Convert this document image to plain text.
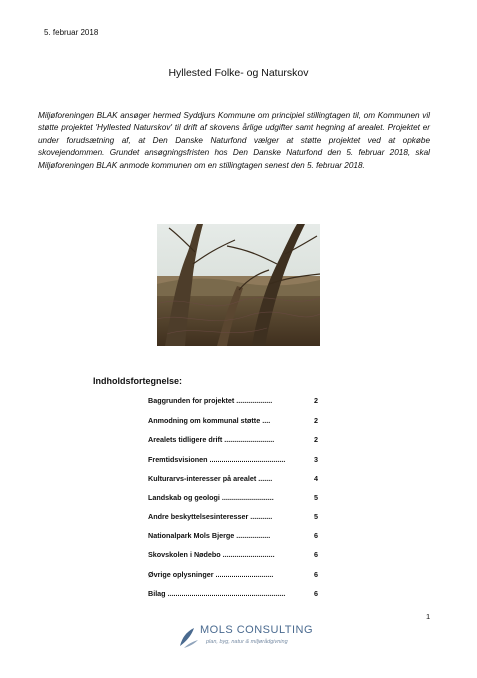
5. februar 2018
Hyllested Folke- og Naturskov
Miljøforeningen BLAK ansøger hermed Syddjurs Kommune om principiel stillingtagen til, om Kommunen vil støtte projektet 'Hyllested Naturskov' til drift af skovens årlige udgifter samt hegning af arealet. Projektet er under forudsætning af, at Den Danske Naturfond vælger at støtte projektet ved at opkøbe skovejendommen. Grundet ansøgningsfristen hos Den Danske Naturfond den 5. februar 2018, skal Miljøforeningen BLAK anmode kommunen om en stillingtagen senest den 5. februar 2018.
Indholdsfortegnelse:
Baggrunden for projektet ..................	2
Anmodning om kommunal støtte ....	2
Arealets tidligere drift .........................	2
Fremtidsvisionen ......................................	3
Kulturarvs-interesser på arealet .......	4
Landskab og geologi ..........................	5
Andre beskyttelsesinteresser ...........	5
Nationalpark Mols Bjerge .................	6
Skovskolen i Nødebo ..........................	6
Øvrige oplysninger .............................	6
Bilag ...........................................................	6
1
MOLS CONSULTING
plan, byg, natur & miljørådgivning
